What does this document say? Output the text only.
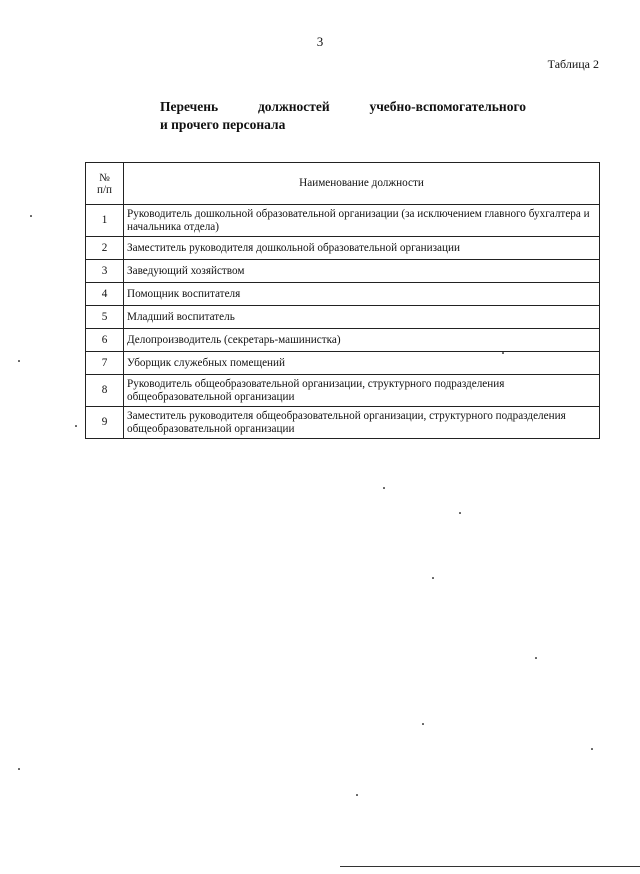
3
Таблица 2
Перечень	должностей	учебно-вспомогательного
и прочего персонала
№
п/п	Наименование должности
1	Руководитель дошкольной образовательной организации (за исключением главного бухгалтера и начальника отдела)
2	Заместитель руководителя дошкольной образовательной организации
3	Заведующий хозяйством
4	Помощник воспитателя
5	Младший воспитатель
6	Делопроизводитель (секретарь-машинистка)
7	Уборщик служебных помещений
8	Руководитель общеобразовательной организации, структурного подразделения общеобразовательной организации
9	Заместитель руководителя общеобразовательной организации, структурного подразделения общеобразовательной организации
